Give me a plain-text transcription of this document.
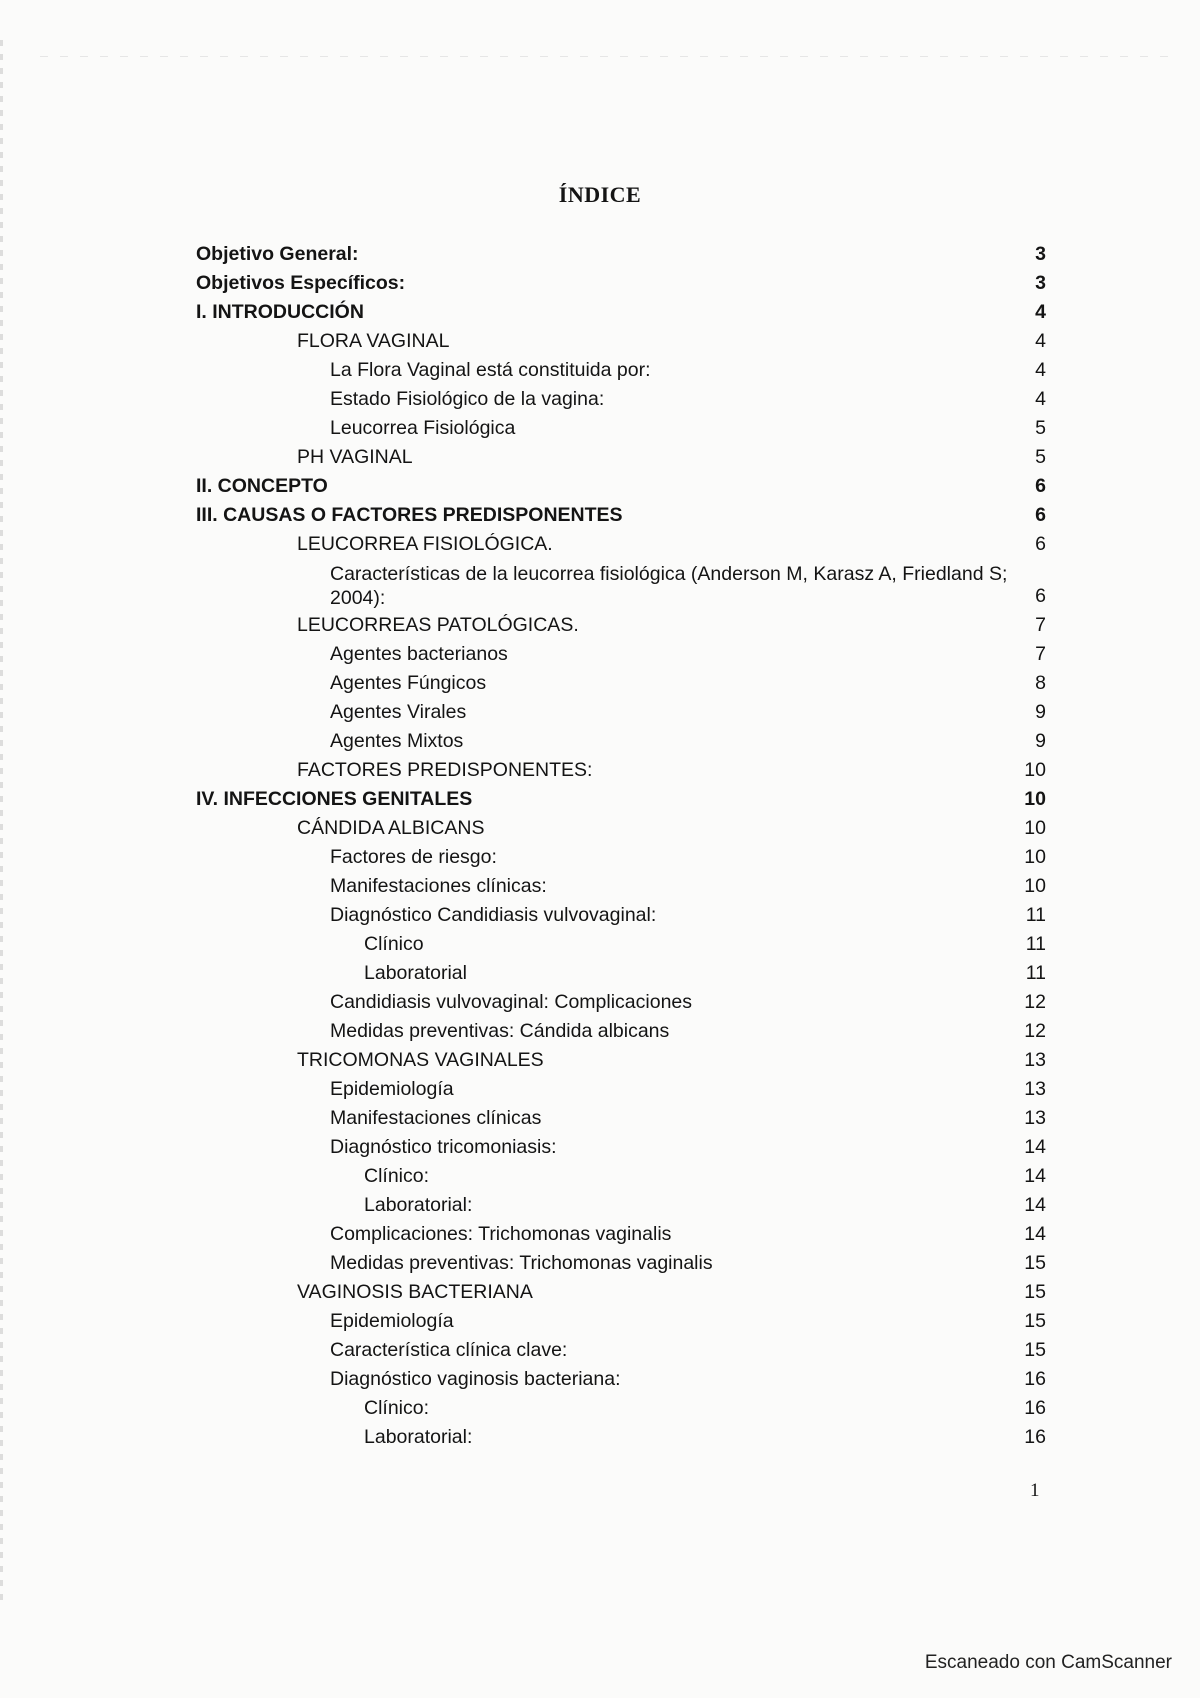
ÍNDICE
Objetivo General:	3
Objetivos Específicos:	3
I. INTRODUCCIÓN	4
FLORA VAGINAL	4
La Flora Vaginal está constituida por:	4
Estado Fisiológico de la vagina:	4
Leucorrea Fisiológica	5
PH VAGINAL	5
II. CONCEPTO	6
III. CAUSAS O FACTORES PREDISPONENTES	6
LEUCORREA FISIOLÓGICA.	6
Características de la leucorrea fisiológica (Anderson M, Karasz A, Friedland S; 2004):	6
LEUCORREAS PATOLÓGICAS.	7
Agentes bacterianos	7
Agentes Fúngicos	8
Agentes Virales	9
Agentes Mixtos	9
FACTORES PREDISPONENTES:	10
IV. INFECCIONES GENITALES	10
CÁNDIDA ALBICANS	10
Factores de riesgo:	10
Manifestaciones clínicas:	10
Diagnóstico Candidiasis vulvovaginal:	11
Clínico	11
Laboratorial	11
Candidiasis vulvovaginal: Complicaciones	12
Medidas preventivas: Cándida albicans	12
TRICOMONAS VAGINALES	13
Epidemiología	13
Manifestaciones clínicas	13
Diagnóstico tricomoniasis:	14
Clínico:	14
Laboratorial:	14
Complicaciones: Trichomonas vaginalis	14
Medidas preventivas: Trichomonas vaginalis	15
VAGINOSIS BACTERIANA	15
Epidemiología	15
Característica clínica clave:	15
Diagnóstico vaginosis bacteriana:	16
Clínico:	16
Laboratorial:	16
1
Escaneado con CamScanner
